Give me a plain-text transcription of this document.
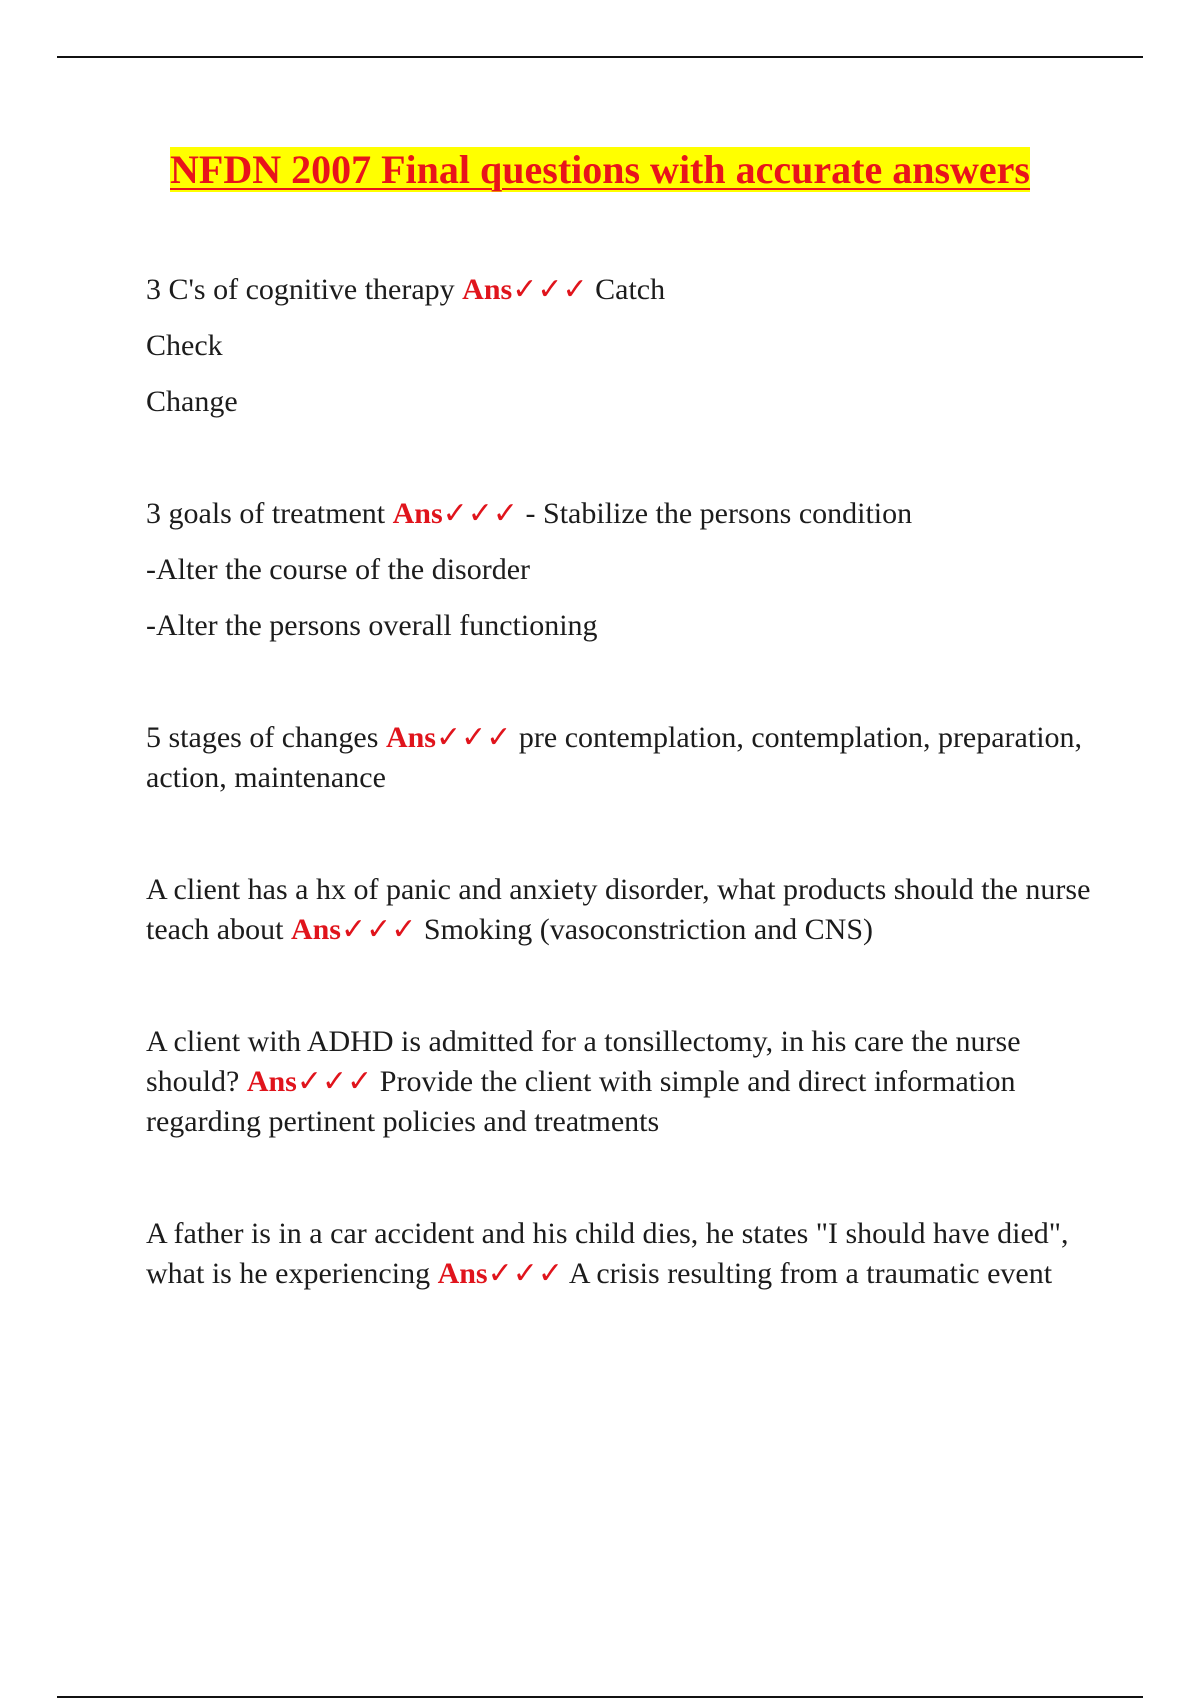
NFDN 2007 Final questions with accurate answers

3 C's of cognitive therapy Ans✓✓✓ Catch

Check

Change

3 goals of treatment Ans✓✓✓ - Stabilize the persons condition

-Alter the course of the disorder

-Alter the persons overall functioning

5 stages of changes Ans✓✓✓ pre contemplation, contemplation, preparation, action, maintenance

A client has a hx of panic and anxiety disorder, what products should the nurse teach about Ans✓✓✓ Smoking (vasoconstriction and CNS)

A client with ADHD is admitted for a tonsillectomy, in his care the nurse should? Ans✓✓✓ Provide the client with simple and direct information regarding pertinent policies and treatments

A father is in a car accident and his child dies, he states "I should have died", what is he experiencing Ans✓✓✓ A crisis resulting from a traumatic event
